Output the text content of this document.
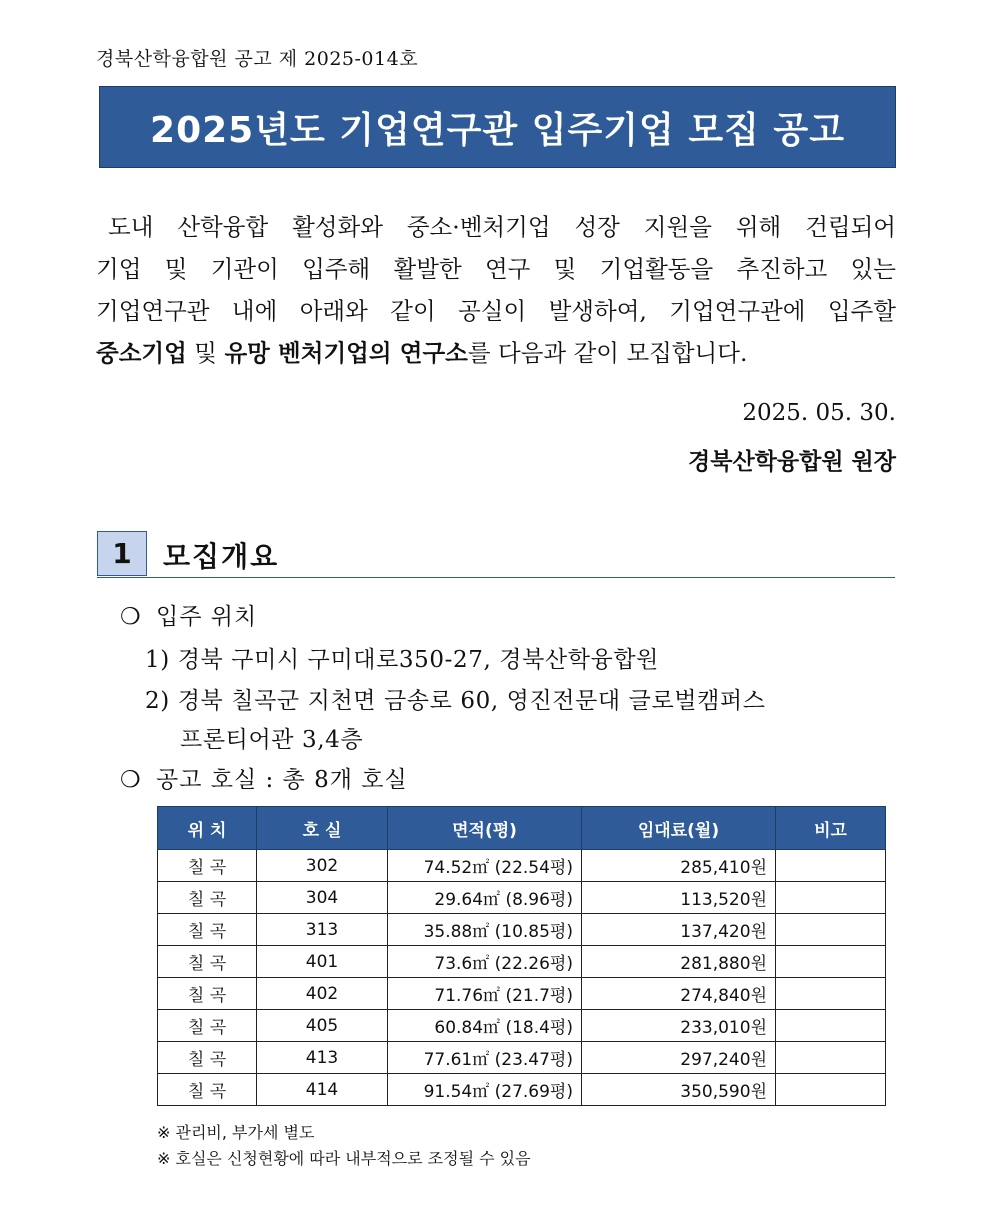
경북산학융합원 공고 제 2025-014호
2025년도 기업연구관 입주기업 모집 공고
도내 산학융합 활성화와 중소·벤처기업 성장 지원을 위해 건립되어
기업 및 기관이 입주해 활발한 연구 및 기업활동을 추진하고 있는
기업연구관 내에 아래와 같이 공실이 발생하여, 기업연구관에 입주할
중소기업 및 유망 벤처기업의 연구소를 다음과 같이 모집합니다.
2025. 05. 30.
경북산학융합원 원장
1	모집개요
❍ 입주 위치
1) 경북 구미시 구미대로350-27, 경북산학융합원
2) 경북 칠곡군 지천면 금송로 60, 영진전문대 글로벌캠퍼스
프론티어관 3,4층
❍ 공고 호실 : 총 8개 호실
위 치	호 실	면적(평)	임대료(월)	비고
칠 곡	302	74.52㎡ (22.54평)	285,410원	
칠 곡	304	29.64㎡ (8.96평)	113,520원	
칠 곡	313	35.88㎡ (10.85평)	137,420원	
칠 곡	401	73.6㎡ (22.26평)	281,880원	
칠 곡	402	71.76㎡ (21.7평)	274,840원	
칠 곡	405	60.84㎡ (18.4평)	233,010원	
칠 곡	413	77.61㎡ (23.47평)	297,240원	
칠 곡	414	91.54㎡ (27.69평)	350,590원	
※ 관리비, 부가세 별도
※ 호실은 신청현황에 따라 내부적으로 조정될 수 있음
